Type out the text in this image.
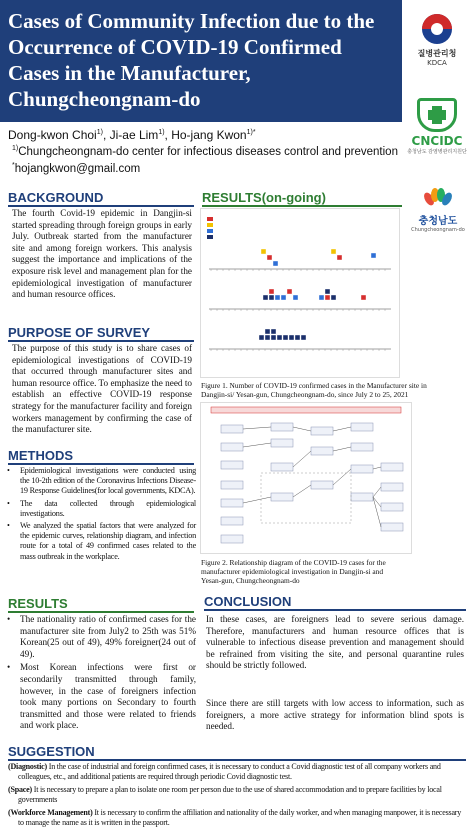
Cases of Community Infection due to the Occurrence of COVID-19 Confirmed Cases in the Manufacturer, Chungcheongnam-do
질병관리청
KDCA
Dong-kwon Choi$^{1)}$, Ji-ae Lim$^{1)}$, Ho-jang Kwon$^{1)*}$
$^{1)}$Chungcheongnam-do center for infectious diseases control and prevention
*hojangkwon@gmail.com
CNCIDC
충청남도 감염병관리지원단
충청남도
Chungcheongnam-do
BACKGROUND
The fourth Covid-19 epidemic in Dangjin-si started spreading through foreign groups in early July. Outbreak started from the manufacturer site and among foreign workers. This analysis suggest the importance and implications of the exposure risk level and management plan for the epidemiological investigation of manufacturer and human resource offices.
PURPOSE OF SURVEY
The purpose of this study is to share cases of epidemiological investigations of COVID-19 that occurred through manufacturer sites and human resource office. To emphasize the need to establish an effective COVID-19 response strategy for the manufacturer facility and foreign workers management by confirming the case of the manufacturer site.
METHODS
• Epidemiological investigations were conducted using the 10-2th edition of the Coronavirus Infections Disease-19 Response Guidelines(for local governments, KDCA).
• The data collected through epidemiological investigations.
• We analyzed the spatial factors that were analyzed for the epidemic curves, relationship diagram, and infection route for a total of 49 confirmed cases related to the mass outbreak in the workplace.
RESULTS
• The nationality ratio of confirmed cases for the manufacturer site from July2 to 25th was 51% Korean(25 out of 49), 49% foreigner(24 out of 49).
• Most Korean infections were first or secondarily transmitted through family, however, in the case of foreigners infection took many portions on Secondary to fourth transmitted and those were related to friends and work place.
RESULTS(on-going)
Figure 1. Number of COVID-19 confirmed cases in the Manufacturer site in Dangjin-si/ Yesan-gun, Chungcheongnam-do, since July 2 to 25, 2021
Figure 2. Relationship diagram of the COVID-19 cases for the manufacturer epidemiological investigation in Dangjin-si and Yesan-gun, Chungcheongnam-do
CONCLUSION
In these cases, are foreigners lead to severe serious damage. Therefore, manufacturers and human resource offices that is vulnerable to infectious disease prevention and management should be refrained from visiting the site, and personal quarantine rules should be strictly followed.
Since there are still targets with low access to information, such as foreigners, a more active strategy for information blind spots is needed.
SUGGESTION

(Diagnostic) In the case of industrial and foreign confirmed cases, it is necessary to conduct a Covid diagnostic test of all company workers and colleagues, etc., and additional patients are required through periodic Covid diagnostic test.

(Space) It is necessary to prepare a plan to isolate one room per person due to the use of shared accommodation and to prepare facilities by local governments

(Workforce Management) It is necessary to confirm the affiliation and nationality of the daily worker, and when managing manpower, it is necessary to manage the name as it is written in the passport.
